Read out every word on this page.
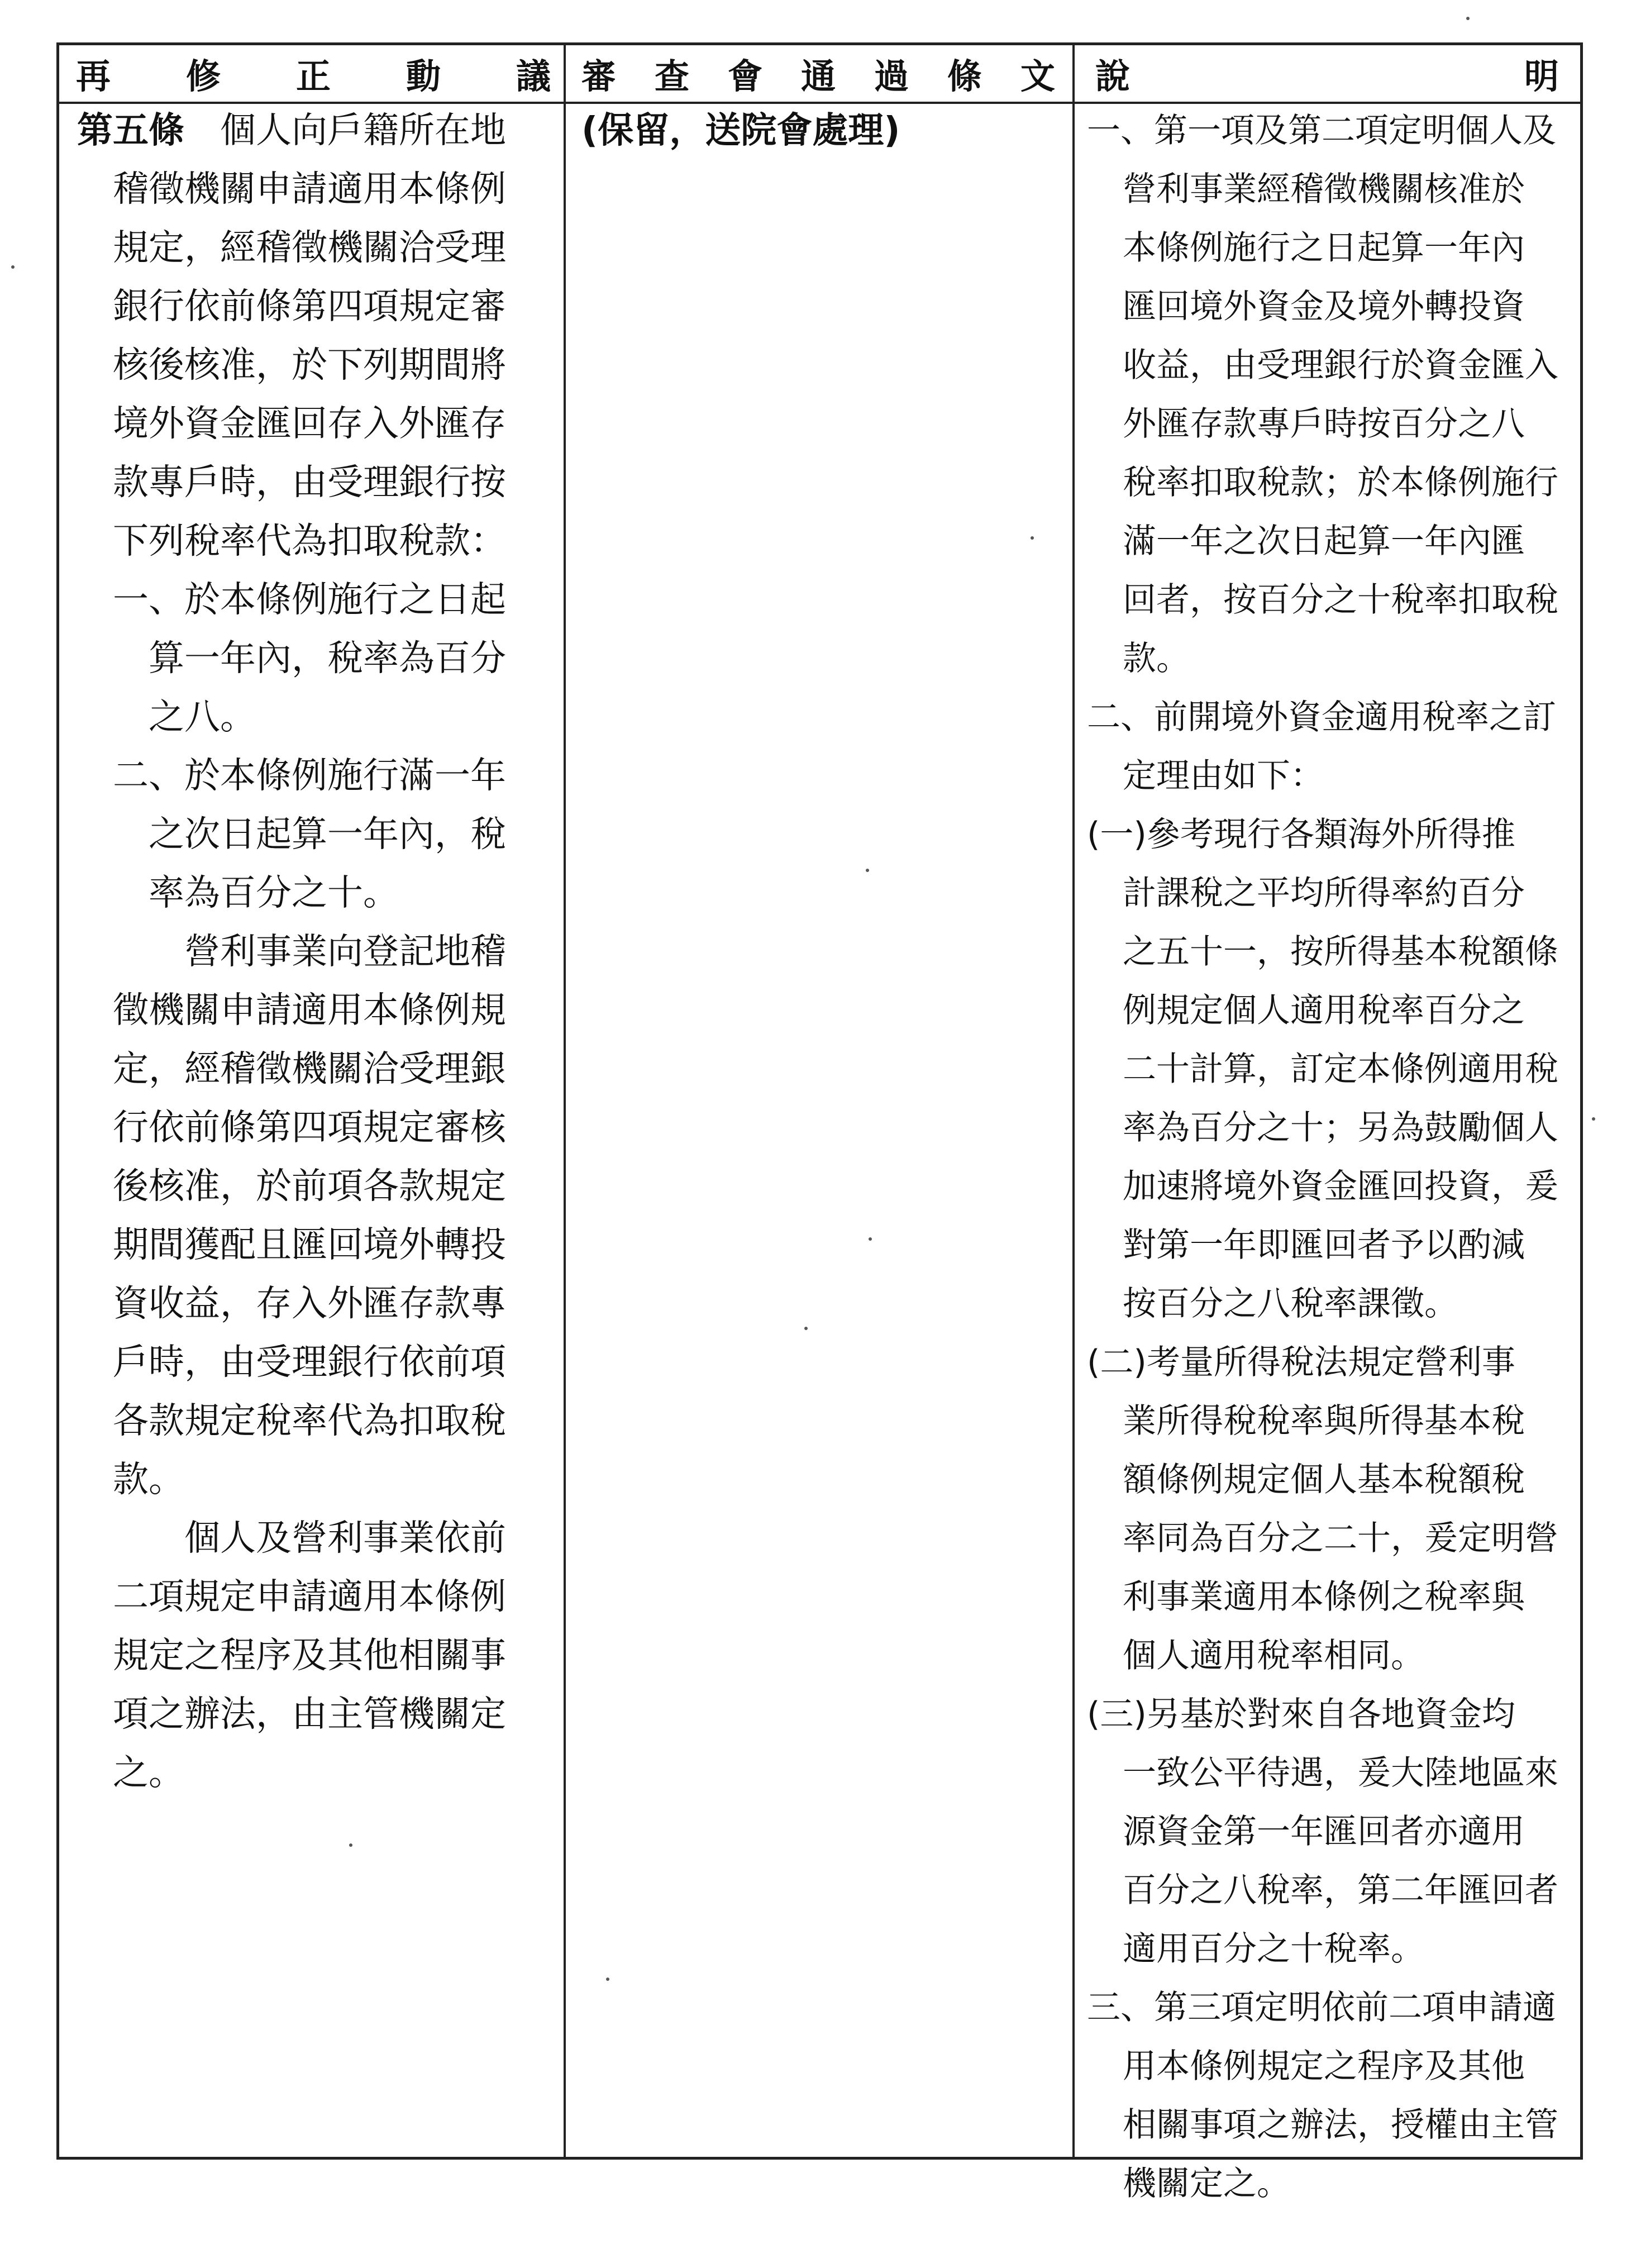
再 修 正 動 議 審 查 會 通 過 條 文 說	明

第五條　 個人向戶籍所在地

稽徵機關申請適用本條例

規定，經稽徵機關洽受理

銀行依前條第四項規定審

核後核准，於下列期間將

境外資金匯回存入外匯存

款專戶時，由受理銀行按

下列稅率代為扣取稅款：

一、於本條例施行之日起

算一年內，稅率為百分

之八。

二、於本條例施行滿一年

之次日起算一年內，稅

率為百分之十。

營利事業向登記地稽

徵機關申請適用本條例規

定，經稽徵機關洽受理銀

行依前條第四項規定審核

後核准，於前項各款規定

期間獲配且匯回境外轉投

資收益，存入外匯存款專

戶時，由受理銀行依前項

各款規定稅率代為扣取稅

款。

個人及營利事業依前

二項規定申請適用本條例

規定之程序及其他相關事

項之辦法，由主管機關定

之。

(保留，送院會處理)	一、第一項及第二項定明個人及

營利事業經稽徵機關核准於

本條例施行之日起算一年內

匯回境外資金及境外轉投資

收益，由受理銀行於資金匯入

外匯存款專戶時按百分之八

稅率扣取稅款；於本條例施行

滿一年之次日起算一年內匯

回者，按百分之十稅率扣取稅

款。

二、前開境外資金適用稅率之訂

定理由如下：

(一)參考現行各類海外所得推

計課稅之平均所得率約百分

之五十一，按所得基本稅額條

例規定個人適用稅率百分之

二十計算，訂定本條例適用稅

率為百分之十；另為鼓勵個人

加速將境外資金匯回投資，爰

對第一年即匯回者予以酌減

按百分之八稅率課徵。

(二)考量所得稅法規定營利事

業所得稅稅率與所得基本稅

額條例規定個人基本稅額稅

率同為百分之二十，爰定明營

利事業適用本條例之稅率與

個人適用稅率相同。

(三)另基於對來自各地資金均

一致公平待遇，爰大陸地區來

源資金第一年匯回者亦適用

百分之八稅率，第二年匯回者

適用百分之十稅率。

三、第三項定明依前二項申請適

用本條例規定之程序及其他

相關事項之辦法，授權由主管

機關定之。
